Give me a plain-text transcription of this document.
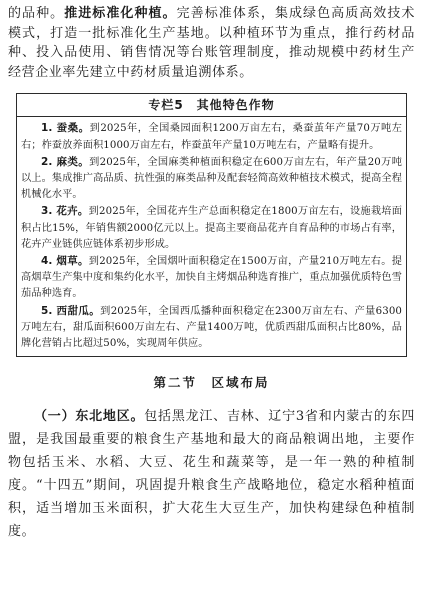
的品种。推进标准化种植。完善标准体系，集成绿色高质高效技术模式，打造一批标准化生产基地。以种植环节为重点，推行药材品种、投入品使用、销售情况等台账管理制度，推动规模中药材生产经营企业率先建立中药材质量追溯体系。

专栏5　其他特色作物

1. 蚕桑。到2025年，全国桑园面积1200万亩左右，桑蚕茧年产量70万吨左右；柞蚕放养面积1000万亩左右，柞蚕茧年产量10万吨左右，产量略有提升。

2. 麻类。到2025年，全国麻类种植面积稳定在600万亩左右，年产量20万吨以上。集成推广高品质、抗性强的麻类品种及配套轻简高效种植技术模式，提高全程机械化水平。

3. 花卉。到2025年，全国花卉生产总面积稳定在1800万亩左右，设施栽培面积占比15%，年销售额2000亿元以上。提高主要商品花卉自育品种的市场占有率，花卉产业链供应链体系初步形成。

4. 烟草。到2025年，全国烟叶面积稳定在1500万亩，产量210万吨左右。提高烟草生产集中度和集约化水平，加快自主烤烟品种选育推广，重点加强优质特色雪茄品种选育。

5. 西甜瓜。到2025年，全国西瓜播种面积稳定在2300万亩左右、产量6300万吨左右，甜瓜面积600万亩左右、产量1400万吨，优质西甜瓜面积占比80%，品牌化营销占比超过50%，实现周年供应。

第二节　区域布局

（一）东北地区。包括黑龙江、吉林、辽宁3省和内蒙古的东四盟，是我国最重要的粮食生产基地和最大的商品粮调出地，主要作物包括玉米、水稻、大豆、花生和蔬菜等，是一年一熟的种植制度。“十四五”期间，巩固提升粮食生产战略地位，稳定水稻种植面积，适当增加玉米面积，扩大花生大豆生产，加快构建绿色种植制度。
